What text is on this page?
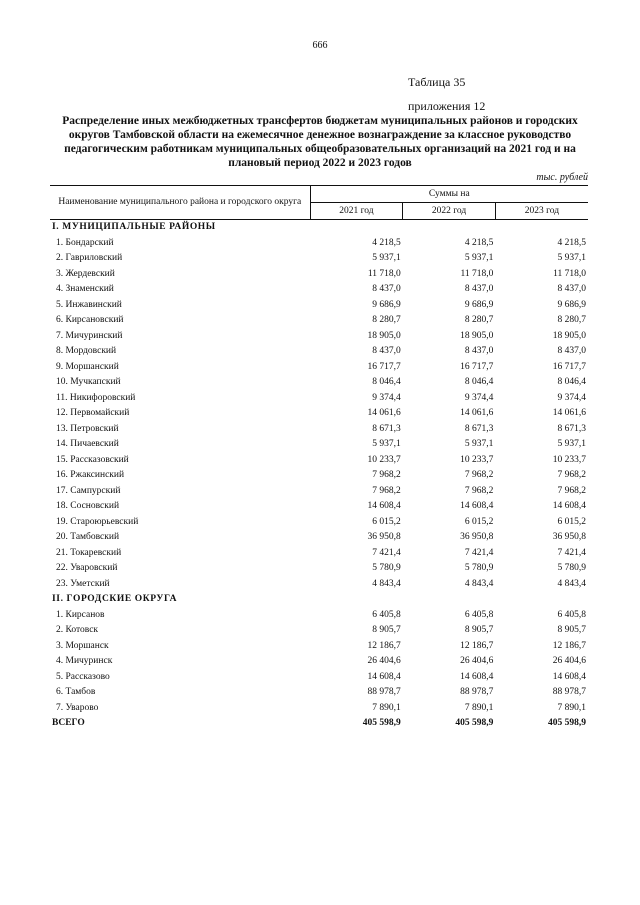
666
Таблица 35
приложения 12
Распределение иных межбюджетных трансфертов бюджетам муниципальных районов и городских округов Тамбовской области на ежемесячное денежное вознаграждение за классное руководство педагогическим работникам муниципальных общеобразовательных организаций на 2021 год и на плановый период 2022 и 2023 годов
тыс. рублей
Наименование муниципального района и городского округа	Суммы на		
	2021 год	2022 год	2023 год
I. МУНИЦИПАЛЬНЫЕ РАЙОНЫ			
1. Бондарский	4 218,5	4 218,5	4 218,5
2. Гавриловский	5 937,1	5 937,1	5 937,1
3. Жердевский	11 718,0	11 718,0	11 718,0
4. Знаменский	8 437,0	8 437,0	8 437,0
5. Инжавинский	9 686,9	9 686,9	9 686,9
6. Кирсановский	8 280,7	8 280,7	8 280,7
7. Мичуринский	18 905,0	18 905,0	18 905,0
8. Мордовский	8 437,0	8 437,0	8 437,0
9. Моршанский	16 717,7	16 717,7	16 717,7
10. Мучкапский	8 046,4	8 046,4	8 046,4
11. Никифоровский	9 374,4	9 374,4	9 374,4
12. Первомайский	14 061,6	14 061,6	14 061,6
13. Петровский	8 671,3	8 671,3	8 671,3
14. Пичаевский	5 937,1	5 937,1	5 937,1
15. Рассказовский	10 233,7	10 233,7	10 233,7
16. Ржаксинский	7 968,2	7 968,2	7 968,2
17. Сампурский	7 968,2	7 968,2	7 968,2
18. Сосновский	14 608,4	14 608,4	14 608,4
19. Староюрьевский	6 015,2	6 015,2	6 015,2
20. Тамбовский	36 950,8	36 950,8	36 950,8
21. Токаревский	7 421,4	7 421,4	7 421,4
22. Уваровский	5 780,9	5 780,9	5 780,9
23. Уметский	4 843,4	4 843,4	4 843,4
II. ГОРОДСКИЕ ОКРУГА			
1. Кирсанов	6 405,8	6 405,8	6 405,8
2. Котовск	8 905,7	8 905,7	8 905,7
3. Моршанск	12 186,7	12 186,7	12 186,7
4. Мичуринск	26 404,6	26 404,6	26 404,6
5. Рассказово	14 608,4	14 608,4	14 608,4
6. Тамбов	88 978,7	88 978,7	88 978,7
7. Уварово	7 890,1	7 890,1	7 890,1
ВСЕГО	405 598,9	405 598,9	405 598,9
